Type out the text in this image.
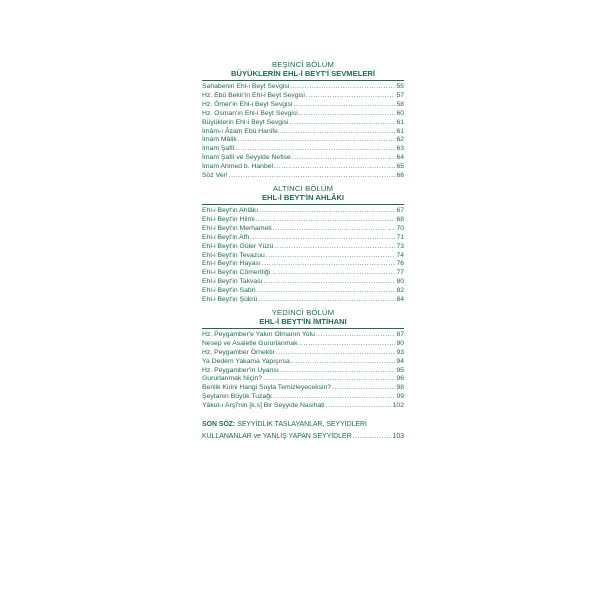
BEŞİNCİ BÖLÜM
BÜYÜKLERİN EHL-İ BEYT'İ SEVMELERİ
Sahabenin Ehl-i Beyt Sevgisi .....	55
Hz. Ebû Bekir'in Ehl-i Beyt Sevgisi .....	57
Hz. Ömer'in Ehl-i Beyt Sevgisi .....	58
Hz. Osman'ın Ehl-i Beyt Sevgisi .....	60
Büyüklerin Ehl-i Beyt Sevgisi .....	61
İmâm-ı Âzam Ebû Hanife .....	61
İmam Mâlik .....	62
İmam Şafiî .....	63
İmam Şafiî ve Seyyide Nefise .....	64
İmam Ahmed b. Hanbel .....	65
Söz Ver! .....	66
ALTINCI BÖLÜM
EHL-İ BEYT'İN AHLÂKI
Ehl-i Beyt'in Ahlâkı .....	67
Ehl-i Beyt'in Hilmi .....	68
Ehl-i Beyt'in Merhameti .....	70
Ehl-i Beyt'in Affı .....	71
Ehl-i Beyt'in Güler Yüzü .....	73
Ehl-i Beyt'in Tevazuu .....	74
Ehl-i Beyt'in Hayası .....	76
Ehl-i Beyt'in Cömertliği .....	77
Ehl-i Beyt'in Takvası .....	80
Ehl-i Beyt'in Sabrı .....	82
Ehl-i Beyt'in Şükrü .....	84
YEDİNCİ BÖLÜM
EHL-İ BEYT'İN İMTİHANI
Hz. Peygamber'e Yakın Olmanın Yolu .....	87
Nesep ve Asaletle Gururlanmak .....	90
Hz. Peygamber Örnektir .....	93
Ya Dedem Yakama Yapışırsa .....	94
Hz. Peygamber'in Uyarısı .....	95
Gururlanmak Niçin? .....	96
Benlik Kirini Hangi Suyla Temizleyeceksin? .....	98
Şeytanın Büyük Tuzağı .....	99
Yâkut-ı Arşî'nin [k.s] Bir Seyyide Nasihati .....	102
SON SÖZ: SEYYİDLİK TASLAYANLAR, SEYYİDLERİ
KULLANANLAR ve YANLIŞ YAPAN SEYYİDLER .....	103
